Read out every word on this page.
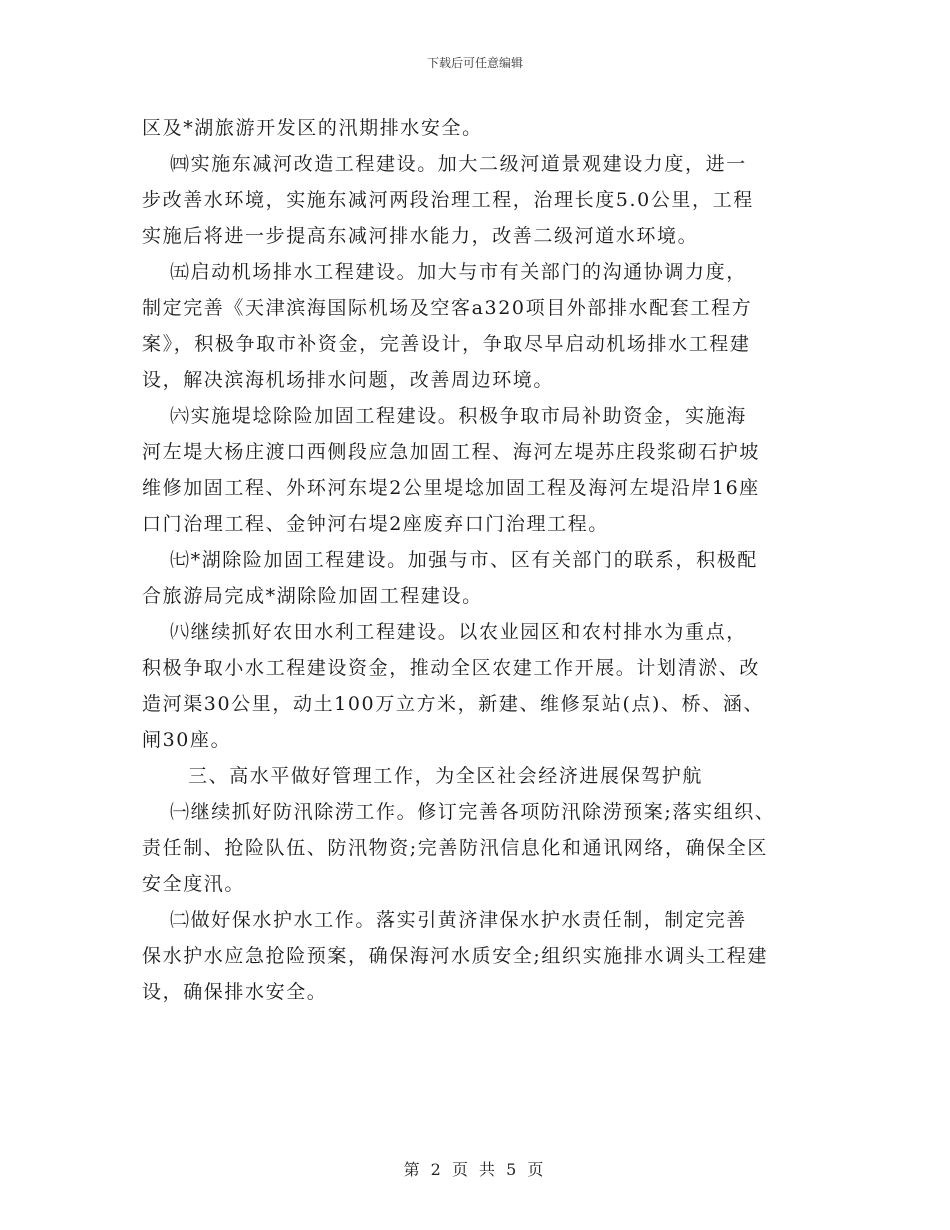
下载后可任意编辑
区及*湖旅游开发区的汛期排水安全。
㈣实施东减河改造工程建设。加大二级河道景观建设力度，进一
步改善水环境，实施东减河两段治理工程，治理长度5.0公里，工程
实施后将进一步提高东减河排水能力，改善二级河道水环境。
㈤启动机场排水工程建设。加大与市有关部门的沟通协调力度，
制定完善《天津滨海国际机场及空客a320项目外部排水配套工程方
案》，积极争取市补资金，完善设计，争取尽早启动机场排水工程建
设，解决滨海机场排水问题，改善周边环境。
㈥实施堤埝除险加固工程建设。积极争取市局补助资金，实施海
河左堤大杨庄渡口西侧段应急加固工程、海河左堤苏庄段浆砌石护坡
维修加固工程、外环河东堤2公里堤埝加固工程及海河左堤沿岸16座
口门治理工程、金钟河右堤2座废弃口门治理工程。
㈦*湖除险加固工程建设。加强与市、区有关部门的联系，积极配
合旅游局完成*湖除险加固工程建设。
㈧继续抓好农田水利工程建设。以农业园区和农村排水为重点，
积极争取小水工程建设资金，推动全区农建工作开展。计划清淤、改
造河渠30公里，动土100万立方米，新建、维修泵站(点)、桥、涵、
闸30座。
三、高水平做好管理工作，为全区社会经济进展保驾护航
㈠继续抓好防汛除涝工作。修订完善各项防汛除涝预案;落实组织、
责任制、抢险队伍、防汛物资;完善防汛信息化和通讯网络，确保全区
安全度汛。
㈡做好保水护水工作。落实引黄济津保水护水责任制，制定完善
保水护水应急抢险预案，确保海河水质安全;组织实施排水调头工程建
设，确保排水安全。
第 2 页 共 5 页
